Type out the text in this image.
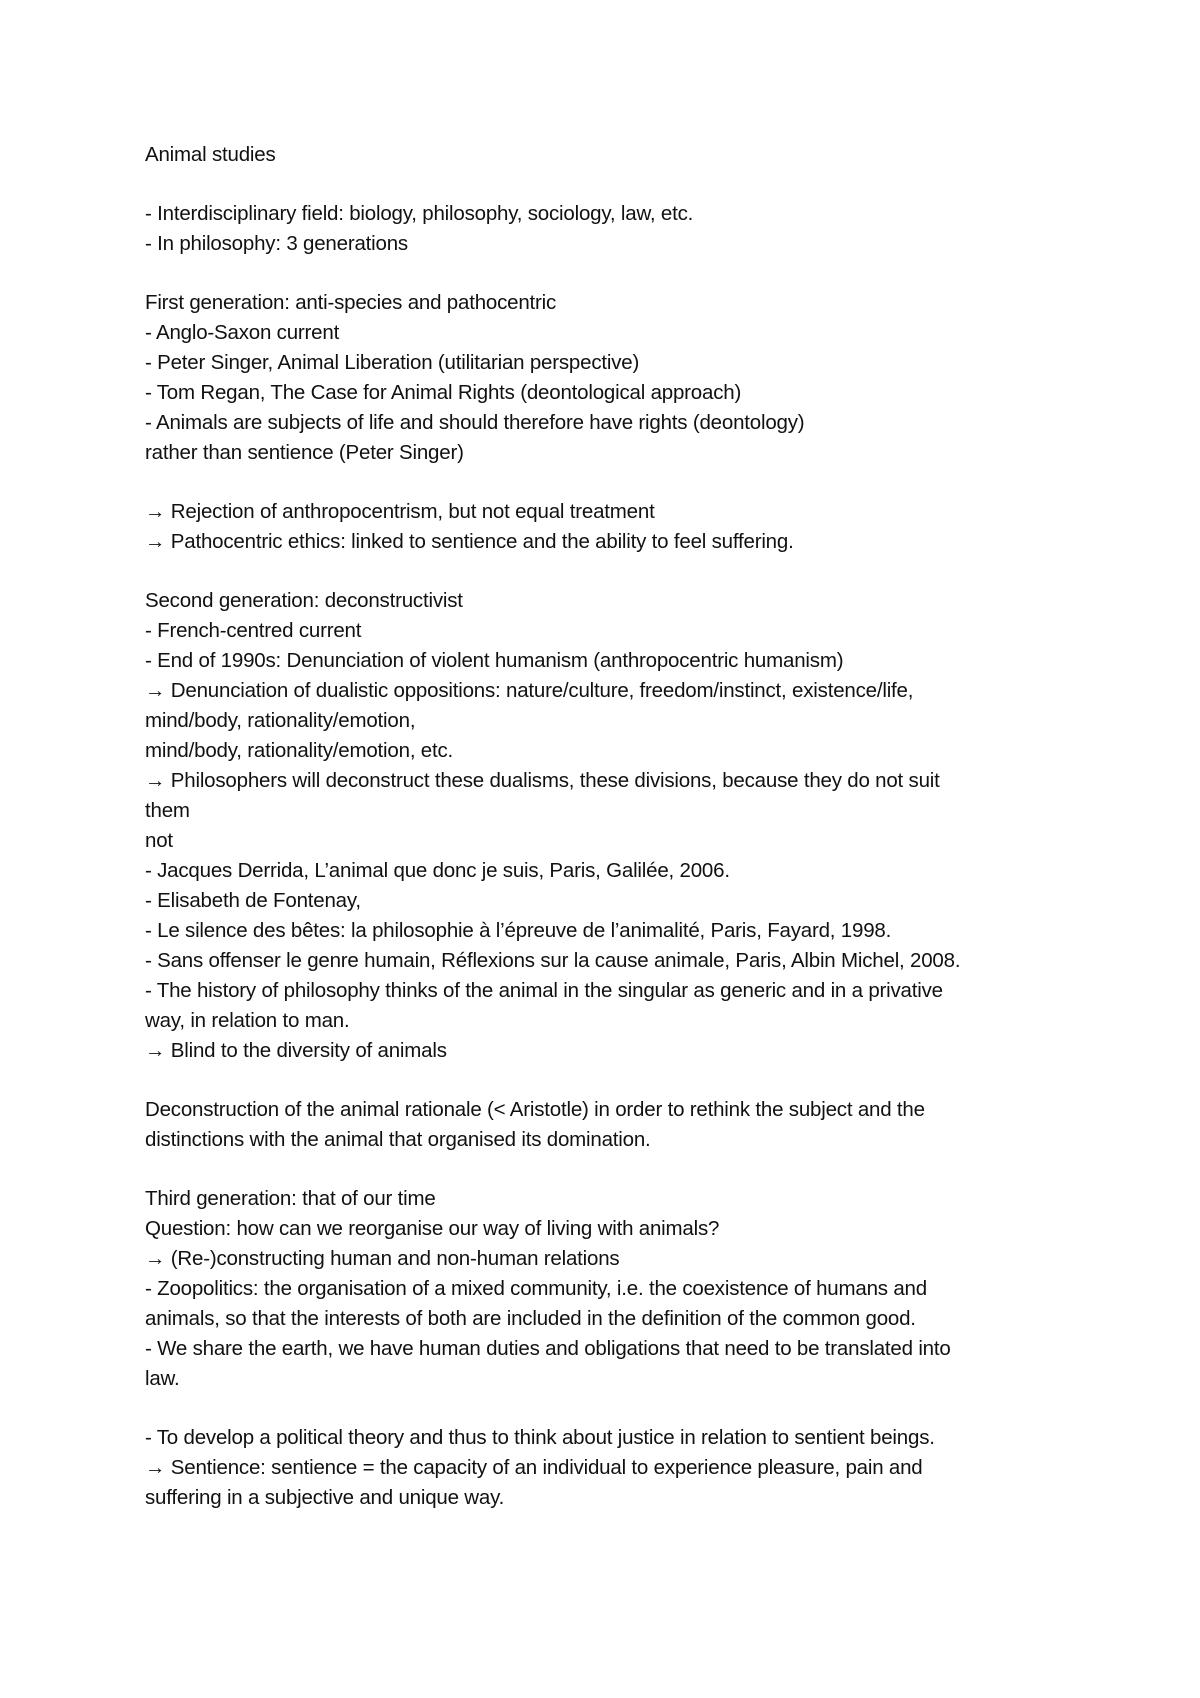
Animal studies
- Interdisciplinary field: biology, philosophy, sociology, law, etc.
- In philosophy: 3 generations
First generation: anti-species and pathocentric
- Anglo-Saxon current
- Peter Singer, Animal Liberation (utilitarian perspective)
- Tom Regan, The Case for Animal Rights (deontological approach)
- Animals are subjects of life and should therefore have rights (deontology)
rather than sentience (Peter Singer)
→ Rejection of anthropocentrism, but not equal treatment
→ Pathocentric ethics: linked to sentience and the ability to feel suffering.
Second generation: deconstructivist
- French-centred current
- End of 1990s: Denunciation of violent humanism (anthropocentric humanism)
→ Denunciation of dualistic oppositions: nature/culture, freedom/instinct, existence/life,
mind/body, rationality/emotion,
mind/body, rationality/emotion, etc.
→ Philosophers will deconstruct these dualisms, these divisions, because they do not suit
them
not
- Jacques Derrida, L’animal que donc je suis, Paris, Galilée, 2006.
- Elisabeth de Fontenay,
- Le silence des bêtes: la philosophie à l’épreuve de l’animalité, Paris, Fayard, 1998.
- Sans offenser le genre humain, Réflexions sur la cause animale, Paris, Albin Michel, 2008.
- The history of philosophy thinks of the animal in the singular as generic and in a privative
way, in relation to man.
→ Blind to the diversity of animals
Deconstruction of the animal rationale (< Aristotle) in order to rethink the subject and the
distinctions with the animal that organised its domination.
Third generation: that of our time
Question: how can we reorganise our way of living with animals?
→ (Re-)constructing human and non-human relations
- Zoopolitics: the organisation of a mixed community, i.e. the coexistence of humans and
animals, so that the interests of both are included in the definition of the common good.
- We share the earth, we have human duties and obligations that need to be translated into
law.
- To develop a political theory and thus to think about justice in relation to sentient beings.
→ Sentience: sentience = the capacity of an individual to experience pleasure, pain and
suffering in a subjective and unique way.
